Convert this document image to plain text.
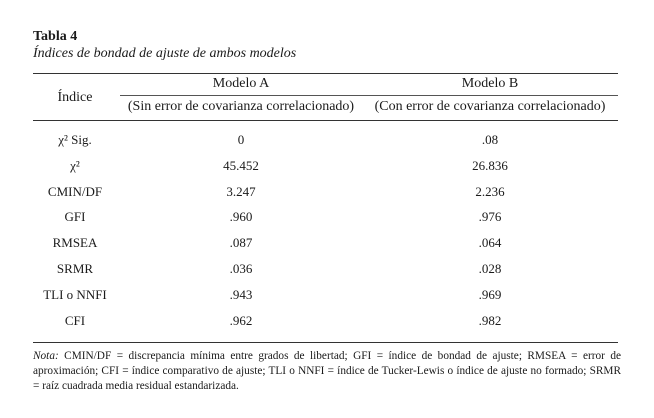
Tabla 4
Índices de bondad de ajuste de ambos modelos
Índice
Modelo A	Modelo B
(Sin error de covarianza correlacionado)	(Con error de covarianza correlacionado)
χ² Sig.	0	.08
χ²	45.452	26.836
CMIN/DF	3.247	2.236
GFI	.960	.976
RMSEA	.087	.064
SRMR	.036	.028
TLI o NNFI	.943	.969
CFI	.962	.982

Nota: CMIN/DF = discrepancia mínima entre grados de libertad; GFI = índice de bondad de ajuste; RMSEA = error de aproximación; CFI = índice comparativo de ajuste; TLI o NNFI = índice de Tucker-Lewis o índice de ajuste no formado; SRMR = raíz cuadrada media residual estandarizada.
